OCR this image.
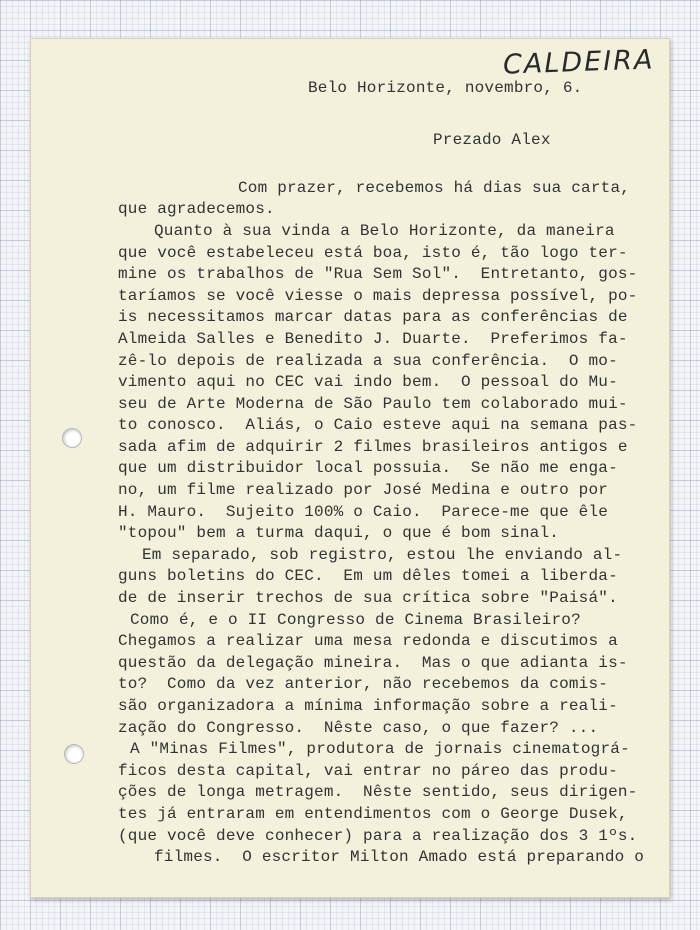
CALDEIRA
Belo Horizonte, novembro, 6.
Prezado Alex
Com prazer, recebemos há dias sua carta,
que agradecemos.
Quanto à sua vinda a Belo Horizonte, da maneira
que você estabeleceu está boa, isto é, tão logo ter-
mine os trabalhos de "Rua Sem Sol".  Entretanto, gos-
taríamos se você viesse o mais depressa possível, po-
is necessitamos marcar datas para as conferências de
Almeida Salles e Benedito J. Duarte.  Preferimos fa-
zê-lo depois de realizada a sua conferência.  O mo-
vimento aqui no CEC vai indo bem.  O pessoal do Mu-
seu de Arte Moderna de São Paulo tem colaborado mui-
to conosco.  Aliás, o Caio esteve aqui na semana pas-
sada afim de adquirir 2 filmes brasileiros antigos e
que um distribuidor local possuia.  Se não me enga-
no, um filme realizado por José Medina e outro por
H. Mauro.  Sujeito 100% o Caio.  Parece-me que êle
"topou" bem a turma daqui, o que é bom sinal.
Em separado, sob registro, estou lhe enviando al-
guns boletins do CEC.  Em um dêles tomei a liberda-
de de inserir trechos de sua crítica sobre "Paisá".
Como é, e o II Congresso de Cinema Brasileiro?
Chegamos a realizar uma mesa redonda e discutimos a
questão da delegação mineira.  Mas o que adianta is-
to?  Como da vez anterior, não recebemos da comis-
são organizadora a mínima informação sobre a reali-
zação do Congresso.  Nêste caso, o que fazer? ...
A "Minas Filmes", produtora de jornais cinematográ-
ficos desta capital, vai entrar no páreo das produ-
ções de longa metragem.  Nêste sentido, seus dirigen-
tes já entraram em entendimentos com o George Dusek,
(que você deve conhecer) para a realização dos 3 1ºs.
filmes.  O escritor Milton Amado está preparando o
